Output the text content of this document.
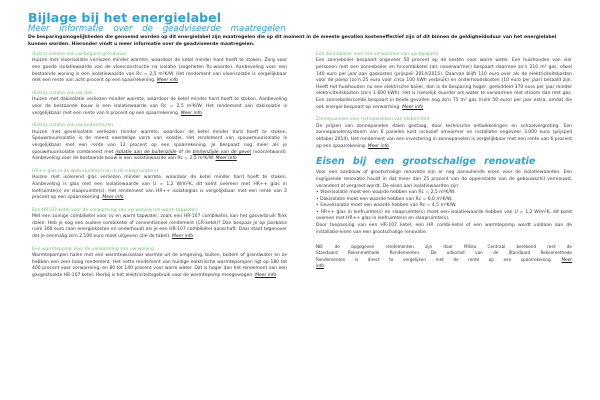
Bijlage bij het energielabel
Meer informatie over de geadviseerde maatregelen
De besparingsmogelijkheden die genoemd worden op dit energielabel zijn maatregelen die op dit moment in de meeste gevallen kosteneffectief zijn of dit binnen de geldigheidsduur van het energielabel kunnen worden. Hieronder vindt u meer informatie over de geadviseerde maatregelen.
(Extra) isolatie van uw begane grondvloer
Huizen met vloerisolatie verliezen minder warmte, waardoor de ketel minder hard hoeft te stoken. Zorg voor een goede isolatiewaarde van de vloerconstructie na isolatie (zogeheten Rc-waarde). Aanbeveling voor een bestaande woning is een isolatiewaarde van Rc = 2,5 m²K/W. Het rendement van vloerisolatie is vergelijkbaar met een rente van acht procent op een spaarrekening. Meer info
(Extra) isolatie van uw dak
Huizen met dakisolatie verliezen minder warmte, waardoor de ketel minder hard hoeft te stoken. Aanbeveling voor de bestaande bouw is een isolatiewaarde van Rc = 2,5 m²K/W. Het rendement van dakisolatie is vergelijkbaar met een rente van 9 procent op een spaarrekening. Meer info
(Extra) isolatie van uw buitenmuren
Huizen met gevelisolatie verliezen minder warmte, waardoor de ketel minder hard hoeft te stoken. Spouwmuurisolatie is de meest voordelige vorm van isolatie. Het rendement van spouwmuurisolatie is vergelijkbaar met een rente van 12 procent op een spaarrekening. Je bespaart nog meer als je spouwmuurisolatie combineert met isolatie aan de buitenzijde of de binnenzijde van de gevel (voorzetwand). Aanbeveling voor de bestaande bouw is een isolatiewaarde van Rc = 2,5 m²K/W. Meer info
HR++ glas in de woonruimte(n) en in de slaapruimte(n)
Huizen met isolerend glas verliezen minder warmte, waardoor de ketel minder hard hoeft te stoken. Aanbeveling is glas met een isolatiewaarde van U = 1,2 W/m²K, dit komt overeen met HR++ glas in leefruimte(n) en slaapruimte(s). Het rendement van HR++ isolatieglas is vergelijkbaar met een rente van 2 procent op een spaarrekening. Meer info
Een HR107-ketel voor de verwarming van uw woning (en warm tapwater)
Met een zuinige combiketel voor cv en warm tapwater, zoals een HR-107 combiketel, kan het gasverbruik flink dalen. Heb je nog een oudere combiketel of conventioneel rendement (CR-ketel)? Dan bespaar je op jaarbasis ruim 300 euro (aan energiekosten en onderhoud) als je een HR-107 combiketel aanschaft. Daar staat tegenover dat je eenmalig zo'n 2.100 euro moet uitgeven (zie de tabel). Meer info
Een warmtepomp voor de verwarming van uw woning
Warmtepompen halen met een warmtewisselaar warmte uit de omgeving, buiten, bodem of grondwater en ze hebben een zeer hoog rendement. Het netto rendement van huidige elektrische warmtepompen ligt op 180 tot 400 procent voor verwarming, en 80 tot 140 procent voor warm water. Dat is hoger dan het rendement van een gasgestookte HR-107 ketel. Hierbij is het elektriciteitsgebruik voor de warmtepomp meegewogen. Meer info
Een zonneboiler voor het verwarmen van uw tapwater
Een zonneboiler bespaart ongeveer 50 procent op de kosten voor warm water. Een huishouden van vier personen met een zonneboiler en hr-combiketel (als naverwarmer) bespaart daarmee zo'n 210 m³ gas, ofwel 140 euro per jaar aan gaskosten (prijspeil 2014/2015). Daarvan blijft 110 euro over als de elektriciteitskosten voor de pomp (zo'n 25 euro voor circa 100 kWh verbruik) en onderhoudskosten (10 euro per jaar) betaald zijn. Heeft het huishouden nu een elektrische boiler, dan is de besparing hoger: gemiddeld 370 euro per jaar minder elektriciteitskosten (zo'n 1.600 kWh). Het is namelijk duurder om water te verwarmen met stroom dan met gas. Een zonneboilercombi bespaart in beide gevallen nog zo'n 75 m³ gas (ruim 50 euro) per jaar extra, omdat die ook energie bespaart op verwarming. Meer info
Zonnepanelen voor het opwekken van elektriciteit
De prijzen van zonnepanelen dalen gestaag, door technische ontwikkelingen en schaalvergroting. Een zonnepanelensysteem van 6 panelen kost inclusief omvormer en installatie ongeveer 3.000 euro (prijspeil oktober 2014). Het rendement van een investering in zonnepanelen is vergelijkbaar met een rente van 6 procent op een spaarrekening. Meer info
Eisen bij een grootschalige renovatie
Voor een aanbouw of grootschalige renovatie zijn er nog aanvullende eisen voor de isolatiewaarden. Een ingrijpende renovatie houdt in dat meer dan 25 procent van de oppervlakte van de gebouwschil vernieuwd, veranderd of vergroot wordt. De eisen aan isolatiewaarden zijn:
• Vloerisolatie moet een waarde hebben van Rc = 2,5 m²K/W.
• Dakisolatie moet een waarde hebben van Rc = 6,0 m²K/W.
• Gevelisolatie moet een waarde hebben van Rc = 4,5 m²K/W.
• HR++ glas in leefruimte(s) en slaapruimte(s) moet een isolatiewaarde hebben van U = 1,2 W/m²K, dit komt overeen met HR++ glas in leefruimte(s) en slaapruimte(s).
Door toepassing van een HR-107 ketel, een HR combi-ketel of een warmtepomp wordt voldaan aan de installatie-eisen van een grootschalige renovatie.
NB: de opgegeven rendementen zijn door Milieu Centraal berekend met de Standaard Rekenmethode Rendementen. De uitkomst van de Standaard Rekenmethode Rendementen is direct te vergelijken met de rente op een spaarrekening. Meer info
